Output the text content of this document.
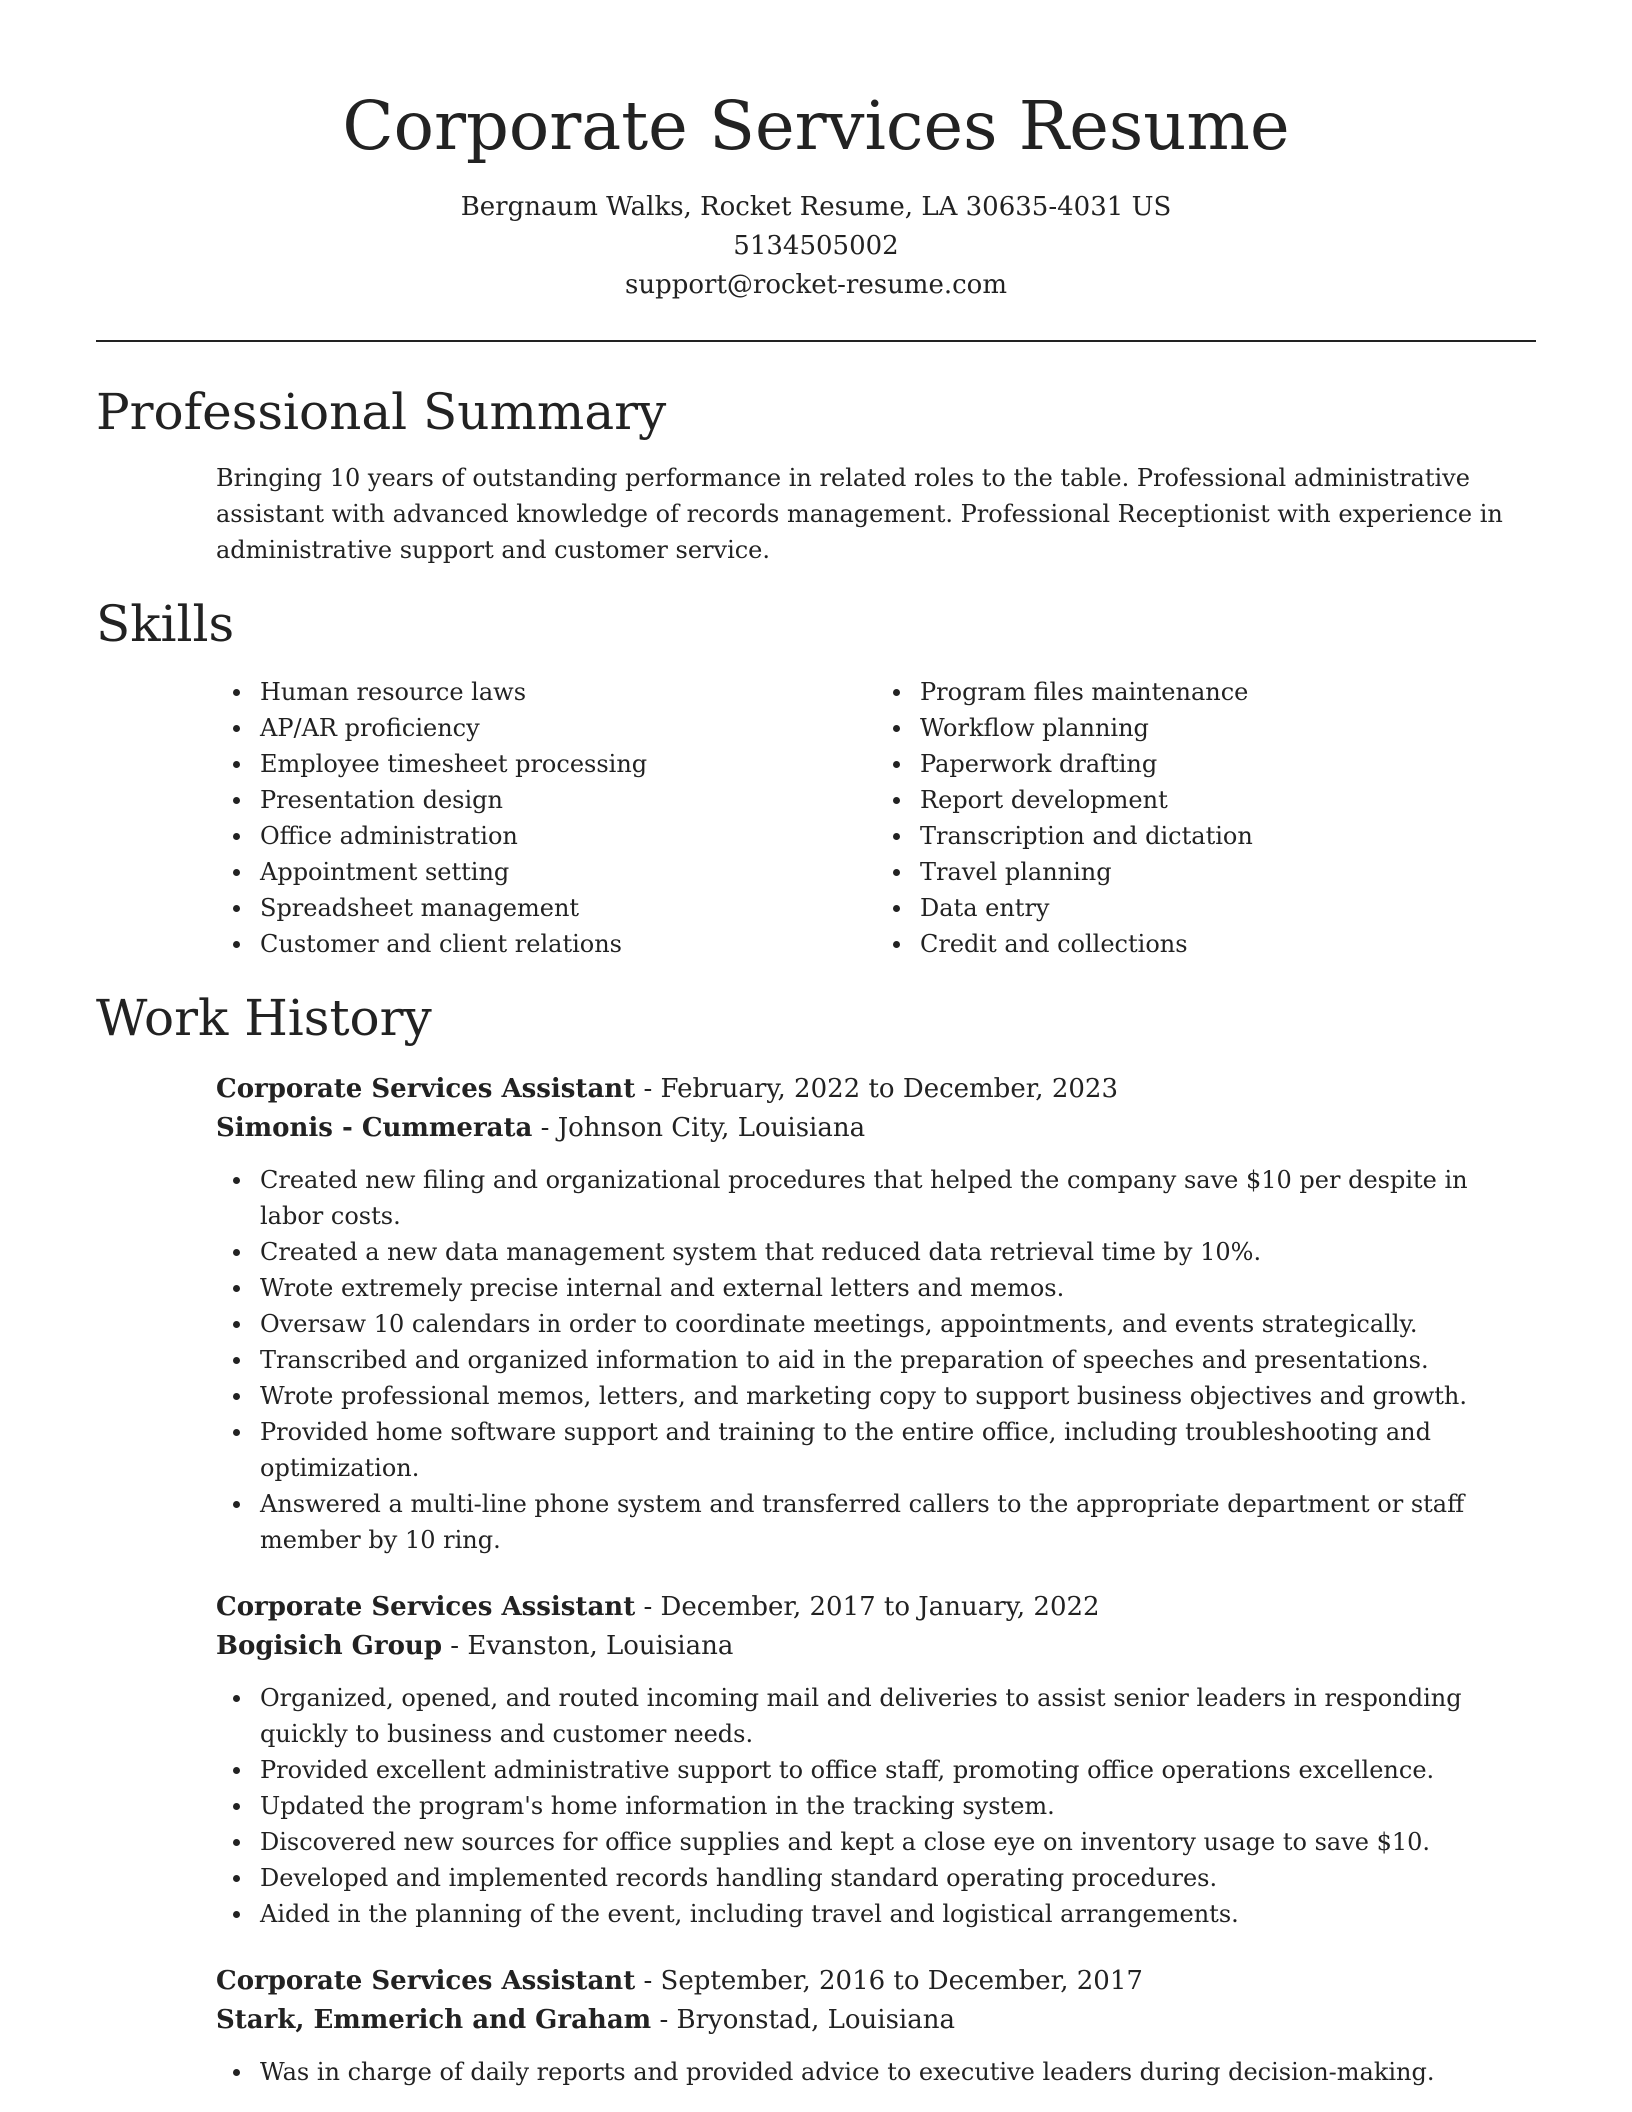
Corporate Services Resume
Bergnaum Walks, Rocket Resume, LA 30635-4031 US
5134505002
support@rocket-resume.com
Professional Summary
Bringing 10 years of outstanding performance in related roles to the table. Professional administrative assistant with advanced knowledge of records management. Professional Receptionist with experience in administrative support and customer service.
Skills
Human resource laws
AP/AR proficiency
Employee timesheet processing
Presentation design
Office administration
Appointment setting
Spreadsheet management
Customer and client relations
Program files maintenance
Workflow planning
Paperwork drafting
Report development
Transcription and dictation
Travel planning
Data entry
Credit and collections
Work History
Corporate Services Assistant - February, 2022 to December, 2023
Simonis - Cummerata - Johnson City, Louisiana
Created new filing and organizational procedures that helped the company save $10 per despite in labor costs.
Created a new data management system that reduced data retrieval time by 10%.
Wrote extremely precise internal and external letters and memos.
Oversaw 10 calendars in order to coordinate meetings, appointments, and events strategically.
Transcribed and organized information to aid in the preparation of speeches and presentations.
Wrote professional memos, letters, and marketing copy to support business objectives and growth.
Provided home software support and training to the entire office, including troubleshooting and optimization.
Answered a multi-line phone system and transferred callers to the appropriate department or staff member by 10 ring.
Corporate Services Assistant - December, 2017 to January, 2022
Bogisich Group - Evanston, Louisiana
Organized, opened, and routed incoming mail and deliveries to assist senior leaders in responding quickly to business and customer needs.
Provided excellent administrative support to office staff, promoting office operations excellence.
Updated the program's home information in the tracking system.
Discovered new sources for office supplies and kept a close eye on inventory usage to save $10.
Developed and implemented records handling standard operating procedures.
Aided in the planning of the event, including travel and logistical arrangements.
Corporate Services Assistant - September, 2016 to December, 2017
Stark, Emmerich and Graham - Bryonstad, Louisiana
Was in charge of daily reports and provided advice to executive leaders during decision-making.
